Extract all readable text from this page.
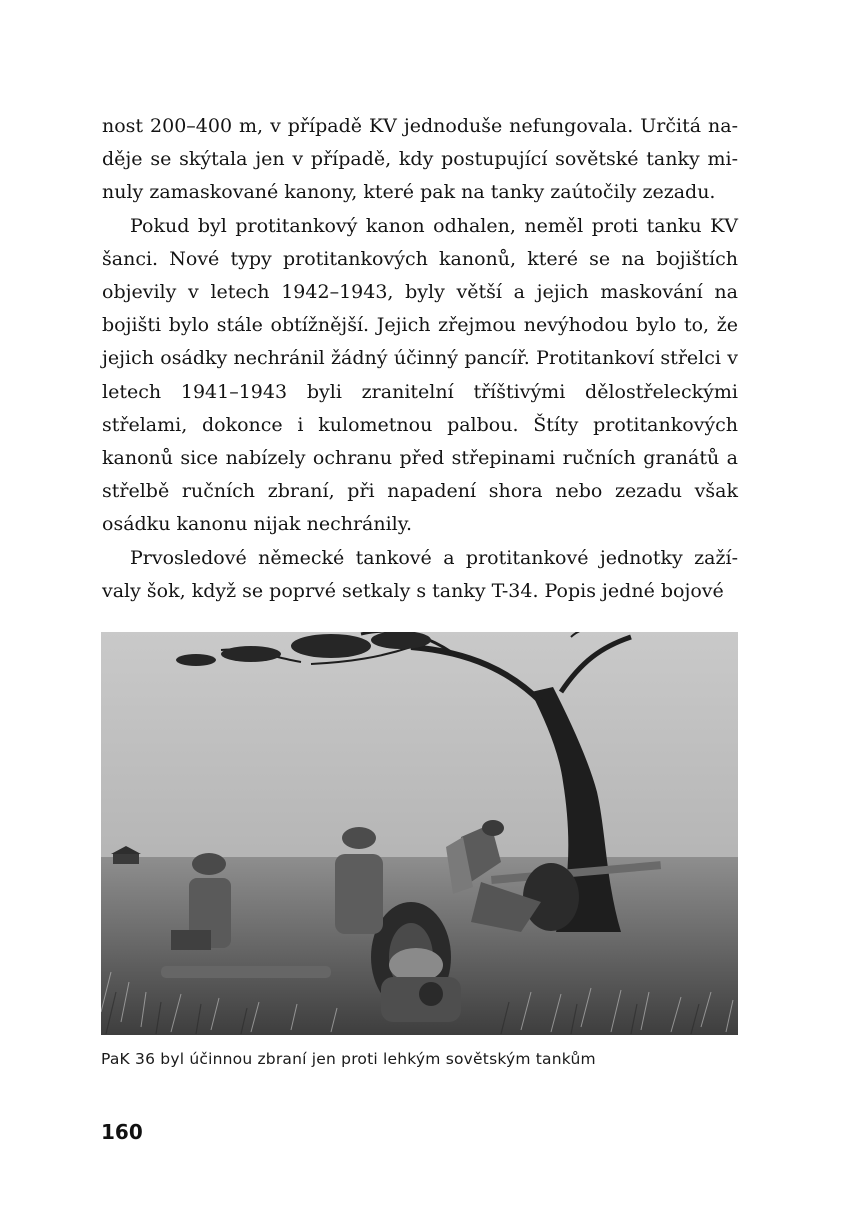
nost 200–400 m, v případě KV jednoduše nefungovala. Určitá naděje se skýtala jen v případě, kdy postupující sovětské tanky minuly zamaskované kanony, které pak na tanky zaútočily zezadu.

Pokud byl protitankový kanon odhalen, neměl proti tanku KV šanci. Nové typy protitankových kanonů, které se na bojištích objevily v letech 1942–1943, byly větší a jejich maskování na bojišti bylo stále obtížnější. Jejich zřejmou nevýhodou bylo to, že jejich osádky nechránil žádný účinný pancíř. Protitankoví střelci v letech 1941–1943 byli zranitelní tříštivými dělostřeleckými střelami, dokonce i kulometnou palbou. Štíty protitankových kanonů sice nabízely ochranu před střepinami ručních granátů a střelbě ručních zbraní, při napadení shora nebo zezadu však osádku kanonu nijak nechránily.

Prvosledové německé tankové a protitankové jednotky zažívaly šok, když se poprvé setkaly s tanky T-34. Popis jedné bojové

PaK 36 byl účinnou zbraní jen proti lehkým sovětským tankům
160
